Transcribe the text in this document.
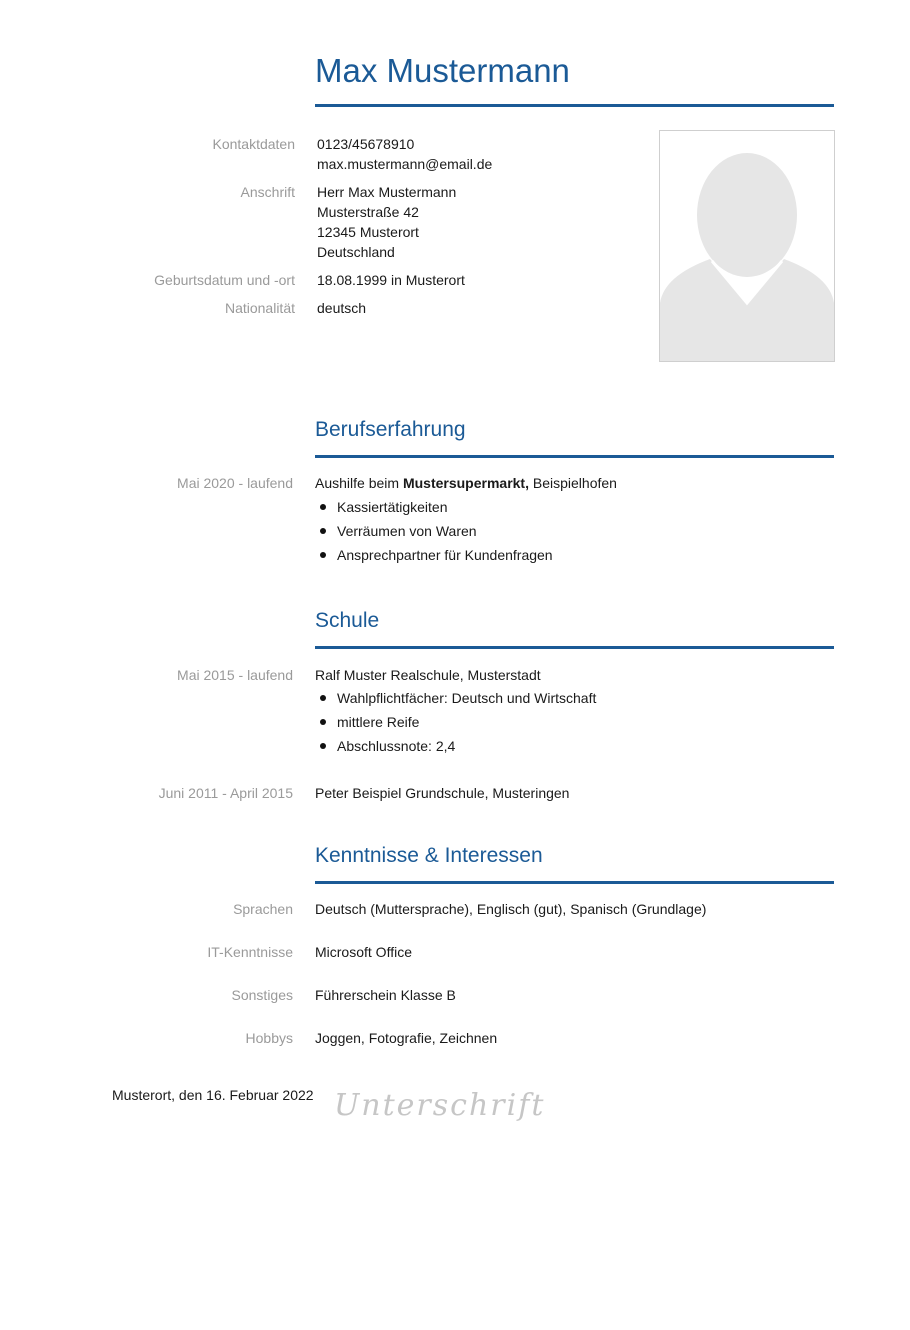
Max Mustermann
Kontaktdaten 0123/45678910
max.mustermann@email.de
Anschrift Herr Max Mustermann
Musterstraße 42
12345 Musterort
Deutschland
Geburtsdatum und -ort 18.08.1999 in Musterort
Nationalität deutsch
Berufserfahrung
Mai 2020 - laufend Aushilfe beim Mustersupermarkt, Beispielhofen
Kassiertätigkeiten
Verräumen von Waren
Ansprechpartner für Kundenfragen
Schule
Mai 2015 - laufend Ralf Muster Realschule, Musterstadt
Wahlpflichtfächer: Deutsch und Wirtschaft
mittlere Reife
Abschlussnote: 2,4
Juni 2011 - April 2015 Peter Beispiel Grundschule, Musteringen
Kenntnisse & Interessen
Sprachen Deutsch (Muttersprache), Englisch (gut), Spanisch (Grundlage)
IT-Kenntnisse Microsoft Office
Sonstiges Führerschein Klasse B
Hobbys Joggen, Fotografie, Zeichnen
Musterort, den 16. Februar 2022 Unterschrift
